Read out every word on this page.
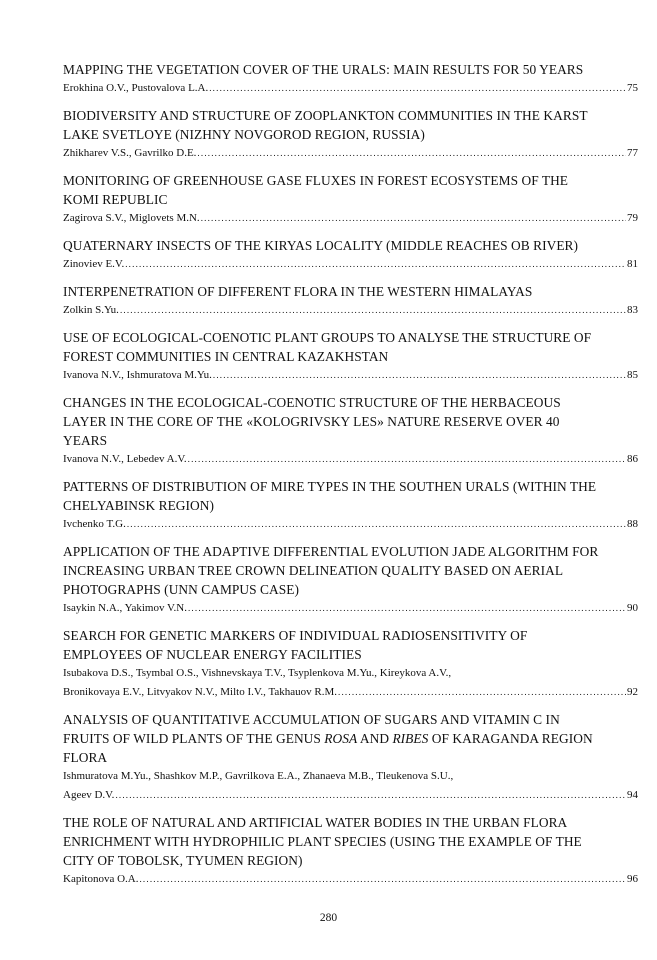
MAPPING THE VEGETATION COVER OF THE URALS: MAIN RESULTS FOR 50 YEARS
Erokhina O.V., Pustovalova L.A. .....	75
BIODIVERSITY AND STRUCTURE OF ZOOPLANKTON COMMUNITIES IN THE KARST
LAKE SVETLOYE (NIZHNY NOVGOROD REGION, RUSSIA)
Zhikharev V.S., Gavrilko D.E. .....	77
MONITORING OF GREENHOUSE GASE FLUXES IN FOREST ECOSYSTEMS OF THE
KOMI REPUBLIC
Zagirova S.V., Miglovets M.N. .....	79
QUATERNARY INSECTS OF THE KIRYAS LOCALITY (MIDDLE REACHES OB RIVER)
Zinoviev E.V. .....	81
INTERPENETRATION OF DIFFERENT FLORA IN THE WESTERN HIMALAYAS
Zolkin S.Yu. .....	83
USE OF ECOLOGICAL-COENOTIC PLANT GROUPS TO ANALYSE THE STRUCTURE OF
FOREST COMMUNITIES IN CENTRAL KAZAKHSTAN
Ivanova N.V., Ishmuratova M.Yu. .....	85
CHANGES IN THE ECOLOGICAL-COENOTIC STRUCTURE OF THE HERBACEOUS
LAYER IN THE CORE OF THE «KOLOGRIVSKY LES» NATURE RESERVE OVER 40
YEARS
Ivanova N.V., Lebedev A.V. .....	86
PATTERNS OF DISTRIBUTION OF MIRE TYPES IN THE SOUTHEN URALS (WITHIN THE
CHELYABINSK REGION)
Ivchenko T.G. .....	88
APPLICATION OF THE ADAPTIVE DIFFERENTIAL EVOLUTION JADE ALGORITHM FOR
INCREASING URBAN TREE CROWN DELINEATION QUALITY BASED ON AERIAL
PHOTOGRAPHS (UNN CAMPUS CASE)
Isaykin N.A., Yakimov V.N. .....	90
SEARCH FOR GENETIC MARKERS OF INDIVIDUAL RADIOSENSITIVITY OF
EMPLOYEES OF NUCLEAR ENERGY FACILITIES
Isubakova D.S., Tsymbal O.S., Vishnevskaya T.V., Tsyplenkova M.Yu., Kireykova A.V.,
Bronikovaya E.V., Litvyakov N.V., Milto I.V., Takhauov R.M. .....	92
ANALYSIS OF QUANTITATIVE ACCUMULATION OF SUGARS AND VITAMIN C IN
FRUITS OF WILD PLANTS OF THE GENUS ROSA AND RIBES OF KARAGANDA REGION
FLORA
Ishmuratova M.Yu., Shashkov M.P., Gavrilkova E.A., Zhanaeva M.B., Tleukenova S.U.,
Ageev D.V. .....	94
THE ROLE OF NATURAL AND ARTIFICIAL WATER BODIES IN THE URBAN FLORA
ENRICHMENT WITH HYDROPHILIC PLANT SPECIES (USING THE EXAMPLE OF THE
CITY OF TOBOLSK, TYUMEN REGION)
Kapitonova O.A. .....	96
280
